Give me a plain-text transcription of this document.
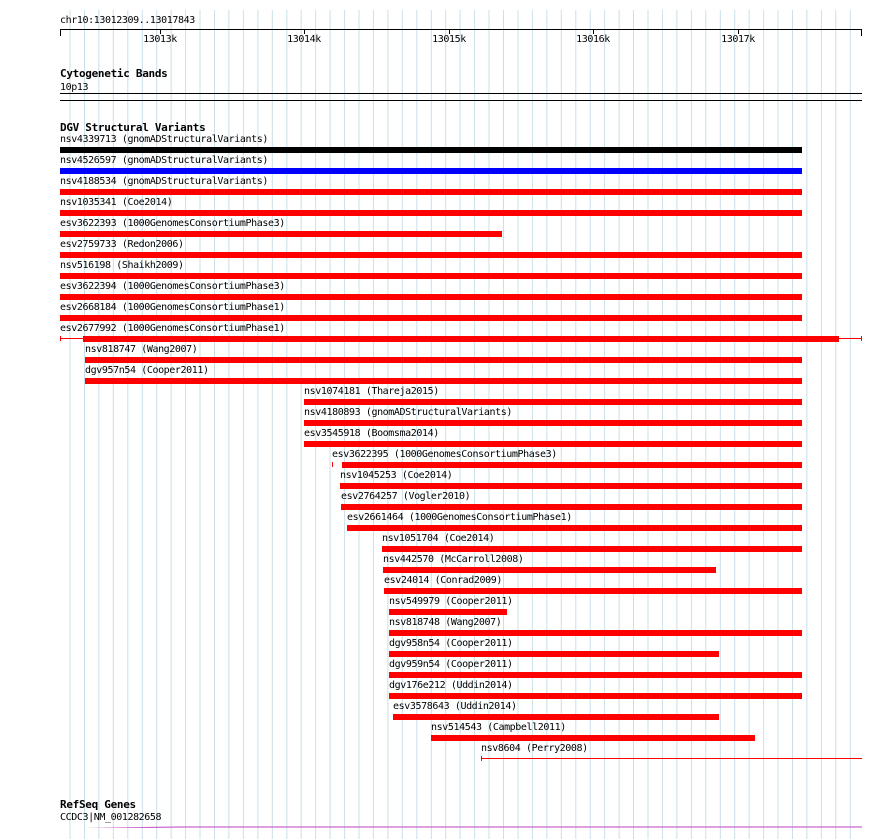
chr10:13012309..13017843
13013k	13014k	13015k	13016k	13017k
Cytogenetic Bands
10p13
DGV Structural Variants
nsv4339713 (gnomADStructuralVariants)
nsv4526597 (gnomADStructuralVariants)
nsv4188534 (gnomADStructuralVariants)
nsv1035341 (Coe2014)
esv3622393 (1000GenomesConsortiumPhase3)
esv2759733 (Redon2006)
nsv516198 (Shaikh2009)
esv3622394 (1000GenomesConsortiumPhase3)
esv2668184 (1000GenomesConsortiumPhase1)
esv2677992 (1000GenomesConsortiumPhase1)
nsv818747 (Wang2007)
dgv957n54 (Cooper2011)
nsv1074181 (Thareja2015)
nsv4180893 (gnomADStructuralVariants)
esv3545918 (Boomsma2014)
esv3622395 (1000GenomesConsortiumPhase3)
nsv1045253 (Coe2014)
esv2764257 (Vogler2010)
esv2661464 (1000GenomesConsortiumPhase1)
nsv1051704 (Coe2014)
nsv442570 (McCarroll2008)
esv24014 (Conrad2009)
nsv549979 (Cooper2011)
nsv818748 (Wang2007)
dgv958n54 (Cooper2011)
dgv959n54 (Cooper2011)
dgv176e212 (Uddin2014)
esv3578643 (Uddin2014)
nsv514543 (Campbell2011)
nsv8604 (Perry2008)
RefSeq Genes
CCDC3|NM_001282658
